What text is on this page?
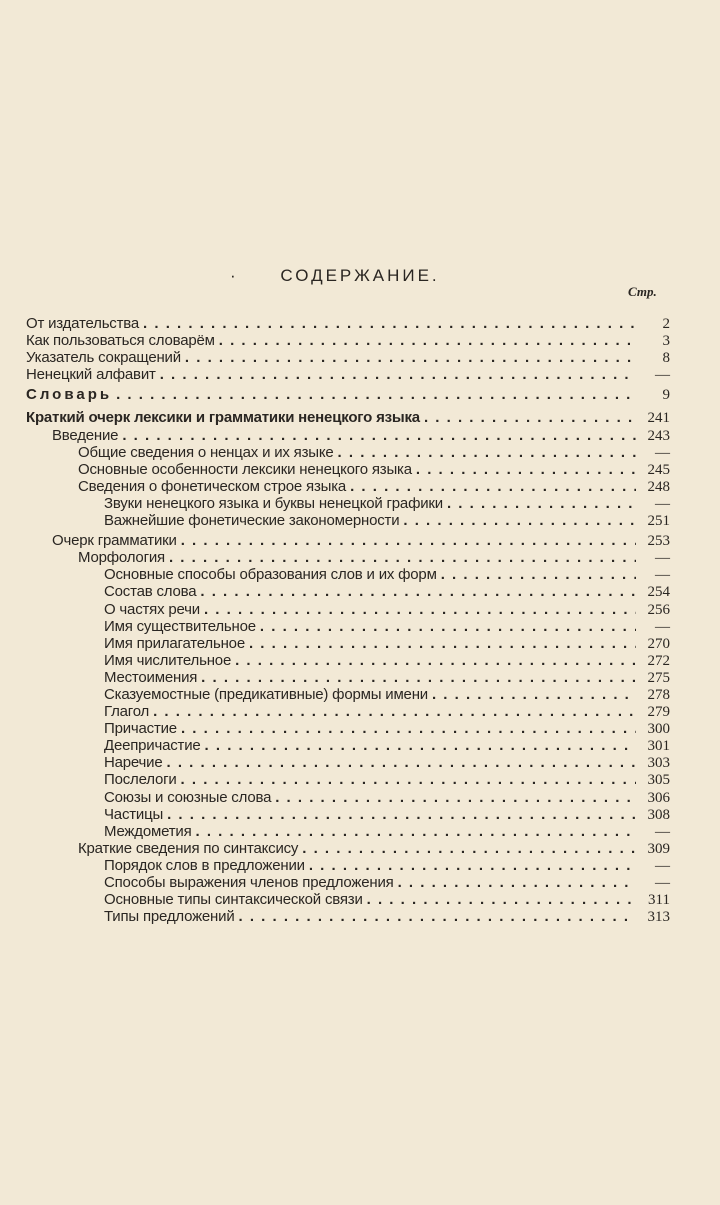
· СОДЕРЖАНИЕ.
Стр.
От издательства . . .	2
Как пользоваться словарём . . .	3
Указатель сокращений . . .	8
Ненецкий алфавит . . .	—
Словарь . . .	9
Краткий очерк лексики и грамматики ненецкого языка . . .	241
Введение . . .	243
Общие сведения о ненцах и их языке . . .	—
Основные особенности лексики ненецкого языка . . .	245
Сведения о фонетическом строе языка . . .	248
Звуки ненецкого языка и буквы ненецкой графики . . .	—
Важнейшие фонетические закономерности . . .	251
Очерк грамматики . . .	253
Морфология . . .	—
Основные способы образования слов и их форм . . .	—
Состав слова . . .	254
О частях речи . . .	256
Имя существительное . . .	—
Имя прилагательное . . .	270
Имя числительное . . .	272
Местоимения . . .	275
Сказуемостные (предикативные) формы имени . . .	278
Глагол . . .	279
Причастие . . .	300
Деепричастие . . .	301
Наречие . . .	303
Послелоги . . .	305
Союзы и союзные слова . . .	306
Частицы . . .	308
Междометия . . .	—
Краткие сведения по синтаксису . . .	309
Порядок слов в предложении . . .	—
Способы выражения членов предложения . . .	—
Основные типы синтаксической связи . . .	311
Типы предложений . . .	313
